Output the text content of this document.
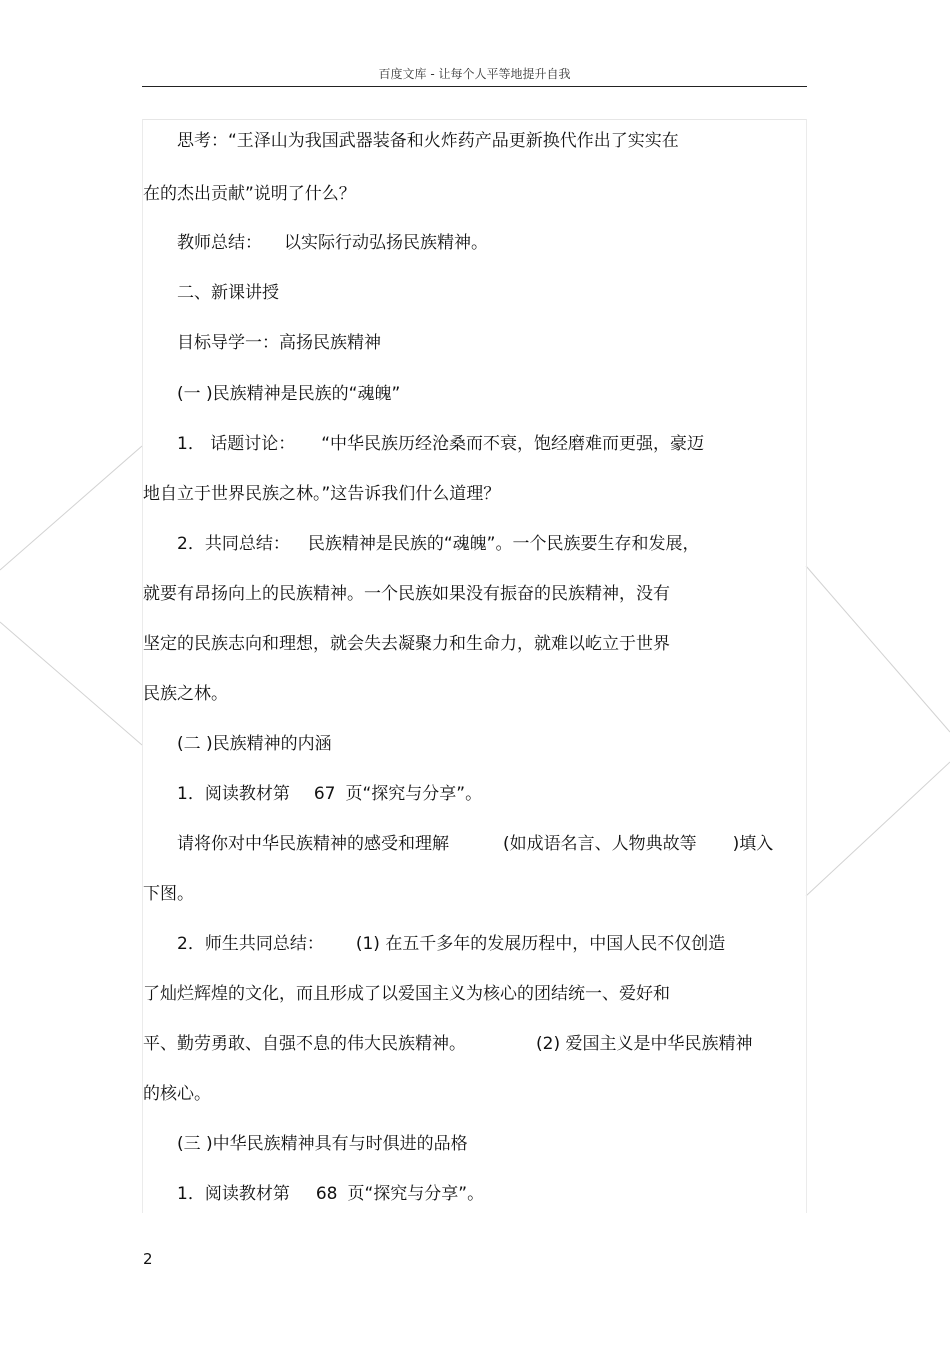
百度文库 - 让每个人平等地提升自我
思考：“王泽山为我国武器装备和火炸药产品更新换代作出了实实在
在的杰出贡献”说明了什么？
教师总结： 以实际行动弘扬民族精神。
二、新课讲授
目标导学一：高扬民族精神
(一 )民族精神是民族的“魂魄”
1． 话题讨论： “中华民族历经沧桑而不衰，饱经磨难而更强，豪迈
地自立于世界民族之林。”这告诉我们什么道理？
2．共同总结： 民族精神是民族的“魂魄”。一个民族要生存和发展，
就要有昂扬向上的民族精神。一个民族如果没有振奋的民族精神，没有
坚定的民族志向和理想，就会失去凝聚力和生命力，就难以屹立于世界
民族之林。
(二 )民族精神的内涵
1．阅读教材第 67 页“探究与分享”。
请将你对中华民族精神的感受和理解	(如成语名言、人物典故等 )填入
下图。
2．师生共同总结： (1) 在五千多年的发展历程中，中国人民不仅创造
了灿烂辉煌的文化，而且形成了以爱国主义为核心的团结统一、爱好和
平、勤劳勇敢、自强不息的伟大民族精神。	(2) 爱国主义是中华民族精神
的核心。
(三 )中华民族精神具有与时俱进的品格
1．阅读教材第 68 页“探究与分享”。
2
